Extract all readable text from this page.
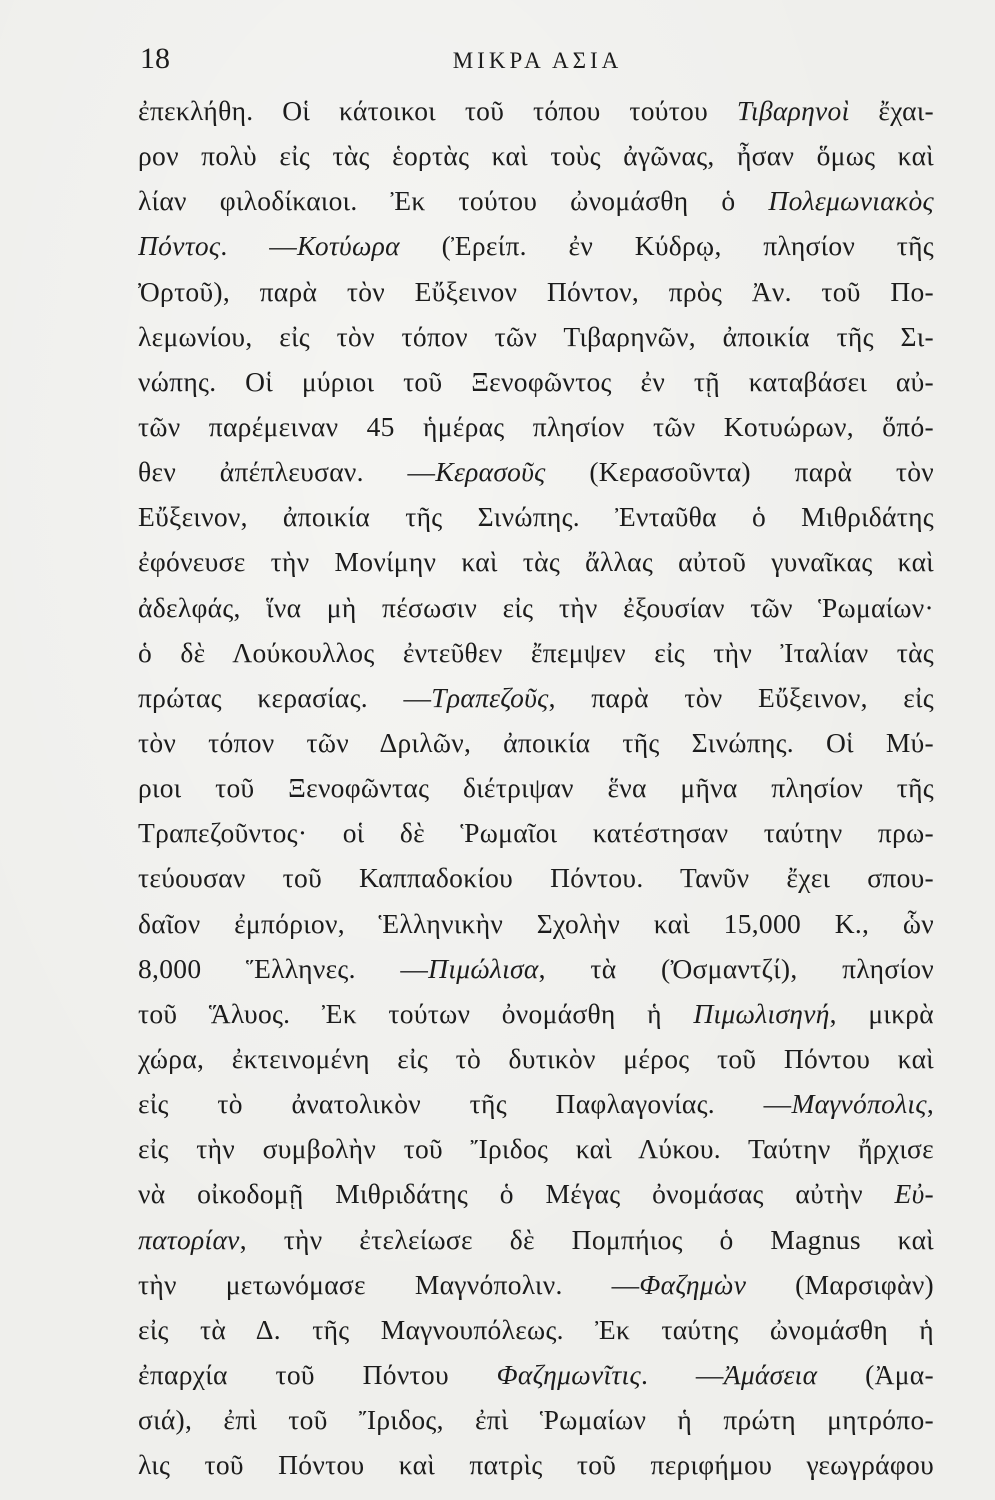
18	ΜΙΚΡΑ ΑΣΙΑ
ἐπεκλήθη. Οἱ κάτοικοι τοῦ τόπου τούτου Τιβαρηνοὶ ἔχαι-
ρον πολὺ εἰς τὰς ἑορτὰς καὶ τοὺς ἀγῶνας, ἦσαν ὅμως καὶ
λίαν φιλοδίκαιοι. Ἐκ τούτου ὠνομάσθη ὁ Πολεμωνιακὸς
Πόντος. —Κοτύωρα (Ἐρείπ. ἐν Κύδρῳ, πλησίον τῆς
Ὀρτοῦ), παρὰ τὸν Εὔξεινον Πόντον, πρὸς Ἀν. τοῦ Πο-
λεμωνίου, εἰς τὸν τόπον τῶν Τιβαρηνῶν, ἀποικία τῆς Σι-
νώπης. Οἱ μύριοι τοῦ Ξενοφῶντος ἐν τῇ καταβάσει αὐ-
τῶν παρέμειναν 45 ἡμέρας πλησίον τῶν Κοτυώρων, ὅπό-
θεν ἀπέπλευσαν. —Κερασοῦς (Κερασοῦντα) παρὰ τὸν
Εὔξεινον, ἀποικία τῆς Σινώπης. Ἐνταῦθα ὁ Μιθριδάτης
ἐφόνευσε τὴν Μονίμην καὶ τὰς ἄλλας αὐτοῦ γυναῖκας καὶ
ἀδελφάς, ἵνα μὴ πέσωσιν εἰς τὴν ἐξουσίαν τῶν Ῥωμαίων·
ὁ δὲ Λούκουλλος ἐντεῦθεν ἔπεμψεν εἰς τὴν Ἰταλίαν τὰς
πρώτας κερασίας. —Τραπεζοῦς, παρὰ τὸν Εὔξεινον, εἰς
τὸν τόπον τῶν Δριλῶν, ἀποικία τῆς Σινώπης. Οἱ Μύ-
ριοι τοῦ Ξενοφῶντας διέτριψαν ἕνα μῆνα πλησίον τῆς
Τραπεζοῦντος· οἱ δὲ Ῥωμαῖοι κατέστησαν ταύτην πρω-
τεύουσαν τοῦ Καππαδοκίου Πόντου. Τανῦν ἔχει σπου-
δαῖον ἐμπόριον, Ἑλληνικὴν Σχολὴν καὶ 15,000 Κ., ὧν
8,000 Ἕλληνες. —Πιμώλισα, τὰ (Ὀσμαντζί), πλησίον
τοῦ Ἅλυος. Ἐκ τούτων ὀνομάσθη ἡ Πιμωλισηνή, μικρὰ
χώρα, ἐκτεινομένη εἰς τὸ δυτικὸν μέρος τοῦ Πόντου καὶ
εἰς τὸ ἀνατολικὸν τῆς Παφλαγονίας. —Μαγνόπολις,
εἰς τὴν συμβολὴν τοῦ Ἴριδος καὶ Λύκου. Ταύτην ἤρχισε
νὰ οἰκοδομῇ Μιθριδάτης ὁ Μέγας ὀνομάσας αὐτὴν Εὐ-
πατορίαν, τὴν ἐτελείωσε δὲ Πομπήιος ὁ Magnus καὶ
τὴν μετωνόμασε Μαγνόπολιν. —Φαζημὼν (Μαρσιφὰν)
εἰς τὰ Δ. τῆς Μαγνουπόλεως. Ἐκ ταύτης ὠνομάσθη ἡ
ἐπαρχία τοῦ Πόντου Φαζημωνῖτις. —Ἀμάσεια (Ἀμα-
σιά), ἐπὶ τοῦ Ἴριδος, ἐπὶ Ῥωμαίων ἡ πρώτη μητρόπο-
λις τοῦ Πόντου καὶ πατρὶς τοῦ περιφήμου γεωγράφου
